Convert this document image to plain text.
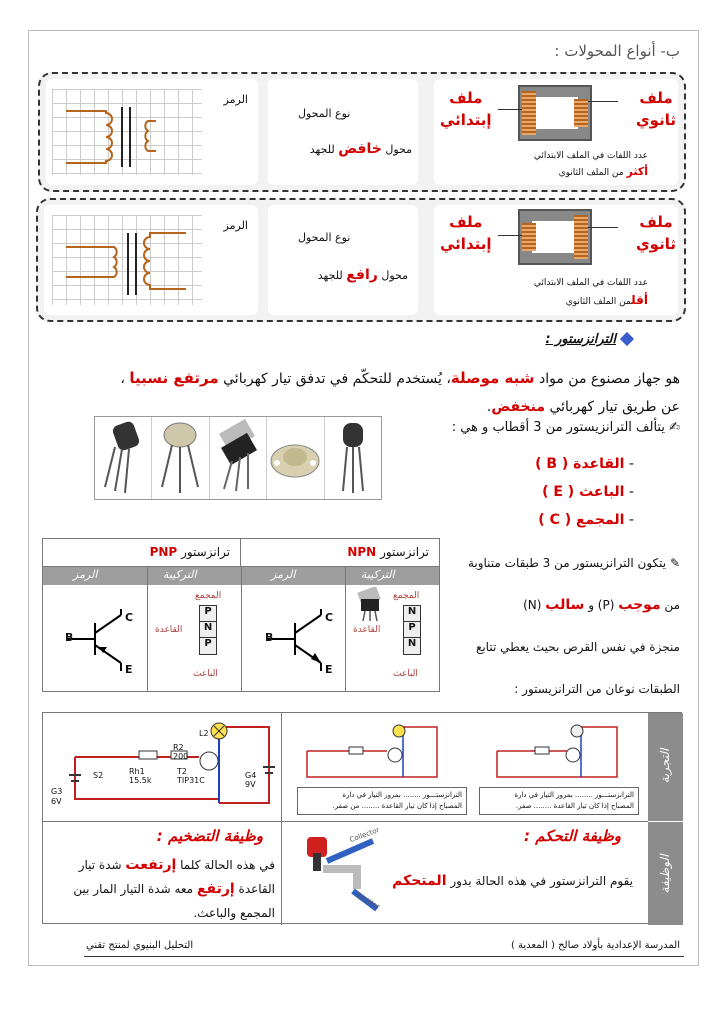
ب- أنواع المحولات :
ملف
إبتدائي
ملف
ثانوي
عدد اللفات في الملف الابتدائي
أكثر من الملف الثانوي
نوع المحول
محول خافض للجهد
الرمز
ملف
إبتدائي
ملف
ثانوي
عدد اللفات في الملف الابتدائي
أقلمن الملف الثانوي
نوع المحول
محول رافع للجهد
الرمز
الترانزستور :
هو جهاز مصنوع من مواد شبه موصلة، يُستخدم للتحكّم في تدفق تيار كهربائي مرتفع نسبيا ،
عن طريق تيار كهربائي منخفض.
✍ يتألف الترانزيستور من 3 أقطاب و هي :
- القاعدة ( B )
- الباعث ( E )
- المجمع ( C )
✎ يتكون الترانزيستور من 3 طبقات متناوبة
من موجب (P) و سالب (N)
منجزة في نفس القرص بحيث يعطي تتابع
الطبقات نوعان من الترانزيستور :
ترانزستور PNP	ترانزستور NPN
الرمز	التركيبة	الرمز	التركيبة
B
C
E
المجمع
القاعدة
الباعث
P
N
P	B
C
E
المجمع
القاعدة
الباعث
N
P
N
التجربة
الوظيفة
G3
6V
S2	Rh1
15.5k
R2
200
T2
TIP31C
L2
G4
9V
الترانزستـــور ........ بمرور التيار في دارة
المصباح إذا كان تيار القاعدة ........ من صفر.
الترانزستـــور ........ بمرور التيار في دارة
المصباح إذا كان تيار القاعدة ........ صفر.
وظيفة التحكم :
يقوم الترانزستور في هذه الحالة بدور المتحكم
Collector
Emitter
وظيفة التضخيم :
في هذه الحالة كلما إرتفعت شدة تيار
القاعدة إرتفع معه شدة التيار المار بين
المجمع والباعث.
المدرسة الإعدادية بأولاد صالح ( المعدية )
التحليل البنيوي لمنتج تقني
